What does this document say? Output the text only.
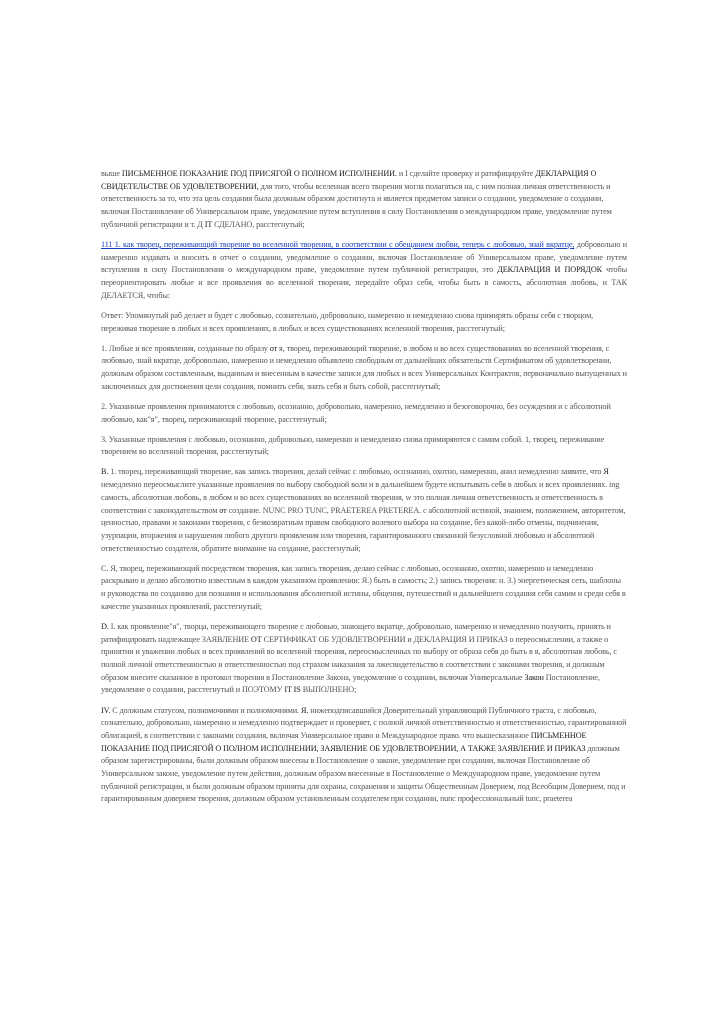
выше ПИСЬМЕННОЕ ПОКАЗАНИЕ ПОД ПРИСЯГОЙ О ПОЛНОМ ИСПОЛНЕНИИ. и I сделайте проверку и ратифицируйте ДЕКЛАРАЦИЯ О СВИДЕТЕЛЬСТВЕ ОБ УДОВЛЕТВОРЕНИИ, для того, чтобы вселенная всего творения могла полагаться на, с ним полная личная ответственность и ответственность за то, что эта цель создания была должным образом достигнута и является предметом записи о создании, уведомление о создании, включая Постановление об Универсальном праве, уведомление путем вступления в силу Постановления о международном праве, уведомление путем публичной регистрации и т. Д IT СДЕЛАНО, расстегнутый;

111 1. как творец, переживающий творение во вселенной творения, в соответствии с обещанием любви, теперь с любовью, знай вкратце, добровольно и намеренно издавать и вносить в отчет о создании, уведомление о создании, включая Постановление об Универсальном праве, уведомление путем вступления в силу Постановления о международном праве, уведомление путем публичной регистрации, это ДЕКЛАРАЦИЯ И ПОРЯДОК чтобы переориентировать любые и все проявления во вселенной творения, передайте образ себя, чтобы быть в самость, абсолютная любовь, и ТАК ДЕЛАЕТСЯ, чтобы:

Ответ: Упомянутый раб делает и будет с любовью, сознательно, добровольно, намеренно и немедленно снова примирять образы себя с творцом, переживая творение в любых и всех проявлениях, в любых и всех существованиях вселенной творения, расстегнутый;

1. Любые и все проявления, созданные по образу от я, творец, переживающий творение, в любом и во всех существованиях во вселенной творения, с любовью, знай вкратце, добровольно, намеренно и немедленно объявлено свободным от дальнейших обязательств Сертификатом об удовлетворении, должным образом составленным, выданным и внесенным в качестве записи для любых и всех Универсальных Контрактов, первоначально выпущенных и заключенных для достижения цели создания, помнить себя, знать себя и быть собой, расстегнутый;

2. Указанные проявления принимаются с любовью, осознанно, добровольно, намеренно, немедленно и безоговорочно, без осуждения и с абсолютной любовью, как"я", творец, переживающий творение, расстегнутый;

3. Указанные проявления с любовью, осознанно, добровольно, намеренно и немедленно снова примиряются с самим собой. 1, творец, переживание творением во вселенной творения, расстегнутый;

В. 1. творец, переживающий творение, как запись творения, делай сейчас с любовью, осознанно, охотно, намеренно, анил немедленно заявите, что Я немедленно переосмыслите указанные проявления по выбору свободной воли и в дальнейшем будете испытывать себя в любых и всех проявлениях. ing самость, абсолютная любовь, в любом и во всех существованиях во вселенной творения, w это полная личная ответственность и ответственность в соответствии с законодательством от создание. NUNC PRO TUNC, PRAETEREA PRETEREA. с абсолютной истиной, знанием, положением, авторитетом, ценностью, правами и законами творения, с безвозвратным правом свободного волевого выбора на создание, без какой-либо отмены, подчинения, узурпации, вторжения и нарушения любого другого проявления или творения, гарантированного связанной безусловной любовью и абсолютной ответственностью создателя, обратите внимание на создание, расстегнутый;

С. Я, творец, переживающий посредством творения, как запись творения, делаю сейчас с любовью, осознанно, охотно, намеренно и немедленно раскрываю и делаю абсолютно известным в каждом указанном проявлении: Я.) быть в самость; 2.) запись творения: н. 3.) энергетическая сеть, шаблоны и руководства по созданию для познания и использования абсолютной истины, общения, путешествий и дальнейшего создания себя самим и среди себя в качестве указанных проявлений, расстегнутый;

D. I. как проявление"я", творца, переживающего творение с любовью, знающего вкратце, добровольно, намеренно и немедленно получить, принять и ратифицировать надлежащее ЗАЯВЛЕНИЕ ОТ СЕРТИФИКАТ ОБ УДОВЛЕТВОРЕНИИ и ДЕКЛАРАЦИЯ И ПРИКАЗ о переосмыслении, а также о принятии и уважении любых и всех проявлений во вселенной творения, переосмысленных по выбору от образа себя до быть в я, абсолютная любовь, с полной личной ответственностью и ответственностью под страхом наказания за лжесвидетельство в соответствии с законами творения, и должным образом внесите сказанное в протокол творения в Постановление Закона, уведомление о создании, включая Универсальные Закон Постановление, уведомление о создании, расстегнутый и ПОЭТОМУ IT IS ВЫПОЛНЕНО;

IV. С должным статусом, полномочиями и полномочиями. Я. нижеподписавшийся Доверительный управляющий Публичного траста, с любовью, сознательно, добровольно, намеренно и немедленно подтверждает и проверяет, с полной личной ответственностью и ответственностью, гарантированной облигацией, в соответствии с законами создания, включая Универсальное право и Международное право. что вышесказанное ПИСЬМЕННОЕ ПОКАЗАНИЕ ПОД ПРИСЯГОЙ О ПОЛНОМ ИСПОЛНЕНИИ, ЗАЯВЛЕНИЕ ОБ УДОВЛЕТВОРЕНИИ, А ТАКЖЕ ЗАЯВЛЕНИЕ И ПРИКАЗ должным образом зарегистрированы, были должным образом внесены в Постановление о законе, уведомление при создании, включая Постановление об Универсальном законе, уведомление путем действия, должным образом внесенные в Постановление о Международном праве, уведомление путем публичной регистрации, и были должным образом приняты для охраны, сохранения и защиты Общественным Доверием, под Всеобщим Доверием, под и гарантированным доверием творения, должным образом установленным создателем при создании, nunc профессиональный tunc, praeterea
